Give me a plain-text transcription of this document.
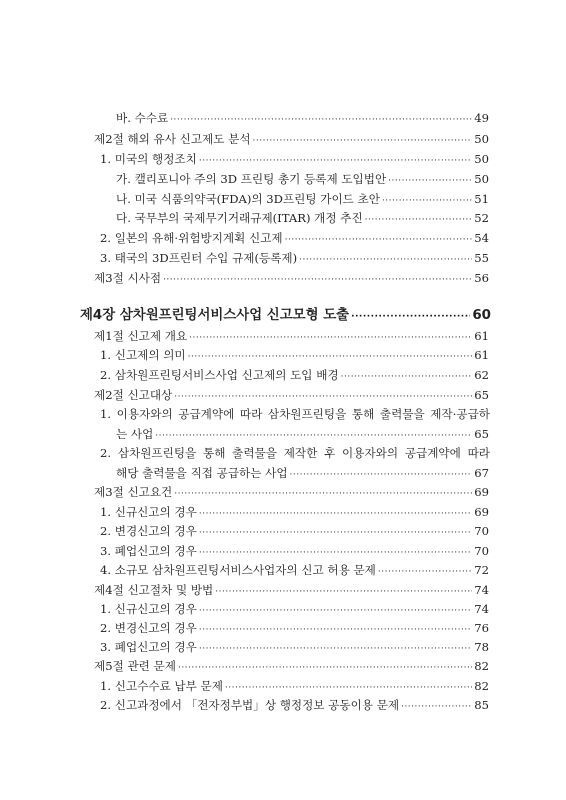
바. 수수료 ·····	49
제2절 해외 유사 신고제도 분석 ·····	50
1. 미국의 행정조치 ·····	50
가. 캘리포니아 주의 3D 프린팅 총기 등록제 도입법안 ·····	50
나. 미국 식품의약국(FDA)의 3D프린팅 가이드 초안 ·····	51
다. 국무부의 국제무기거래규제(ITAR) 개정 추진 ·····	52
2. 일본의 유해·위험방지계획 신고제 ·····	54
3. 태국의 3D프린터 수입 규제(등록제) ·····	55
제3절 시사점 ·····	56
제4장 삼차원프린팅서비스사업 신고모형 도출 ·····	60
제1절 신고제 개요 ·····	61
1. 신고제의 의미 ·····	61
2. 삼차원프린팅서비스사업 신고제의 도입 배경 ·····	62
제2절 신고대상 ·····	65
1. 이용자와의 공급계약에 따라 삼차원프린팅을 통해 출력물을 제작·공급하
는 사업 ·····	65
2. 삼차원프린팅을 통해 출력물을 제작한 후 이용자와의 공급계약에 따라
해당 출력물을 직접 공급하는 사업 ·····	67
제3절 신고요건 ·····	69
1. 신규신고의 경우 ·····	69
2. 변경신고의 경우 ·····	70
3. 폐업신고의 경우 ·····	70
4. 소규모 삼차원프린팅서비스사업자의 신고 허용 문제 ·····	72
제4절 신고절차 및 방법 ·····	74
1. 신규신고의 경우 ·····	74
2. 변경신고의 경우 ·····	76
3. 폐업신고의 경우 ·····	78
제5절 관련 문제 ·····	82
1. 신고수수료 납부 문제 ·····	82
2. 신고과정에서 「전자정부법」상 행정정보 공동이용 문제 ·····	85
